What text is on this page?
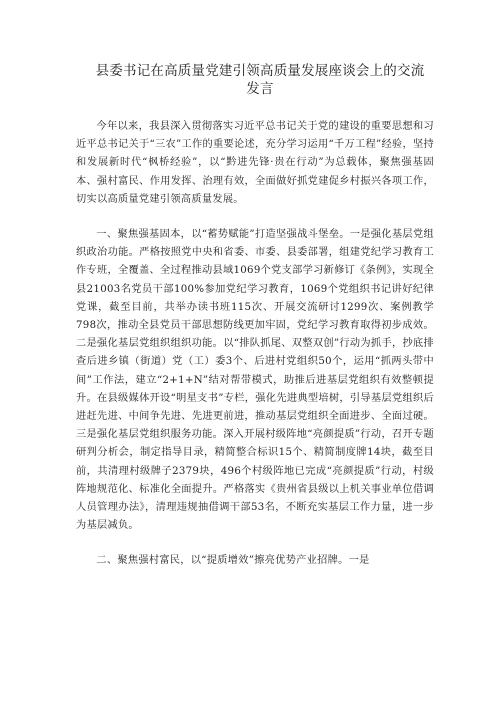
县委书记在高质量党建引领高质量发展座谈会上的交流发言

今年以来，我县深入贯彻落实习近平总书记关于党的建设的重要思想和习近平总书记关于“三农”工作的重要论述，充分学习运用“千万工程”经验，坚持和发展新时代“枫桥经验”，以“黔进先锋·贵在行动”为总载体，聚焦强基固本、强村富民、作用发挥、治理有效，全面做好抓党建促乡村振兴各项工作，切实以高质量党建引领高质量发展。

一、聚焦强基固本，以“蓄势赋能”打造坚强战斗堡垒。一是强化基层党组织政治功能。严格按照党中央和省委、市委、县委部署，组建党纪学习教育工作专班，全覆盖、全过程推动县域1069个党支部学习新修订《条例》，实现全县21003名党员干部100%参加党纪学习教育，1069个党组织书记讲好纪律党课，截至目前，共举办读书班115次、开展交流研讨1299次、案例教学798次，推动全县党员干部思想防线更加牢固，党纪学习教育取得初步成效。二是强化基层党组织组织功能。以“排队抓尾、双整双创”行动为抓手，抄底排查后进乡镇（街道）党（工）委3个、后进村党组织50个，运用“抓两头带中间”工作法，建立“2+1+N”结对帮带模式，助推后进基层党组织有效整顿提升。在县级媒体开设“明星支书”专栏，强化先进典型培树，引导基层党组织后进赶先进、中间争先进、先进更前进，推动基层党组织全面进步、全面过硬。三是强化基层党组织服务功能。深入开展村级阵地“亮颜提质”行动，召开专题研判分析会，制定指导目录，精简整合标识15个、精简制度牌14块，截至目前，共清理村级牌子2379块，496个村级阵地已完成“亮颜提质”行动，村级阵地规范化、标准化全面提升。严格落实《贵州省县级以上机关事业单位借调人员管理办法》，清理违规抽借调干部53名，不断充实基层工作力量，进一步为基层减负。

二、聚焦强村富民，以“提质增效”擦亮优势产业招牌。一是
